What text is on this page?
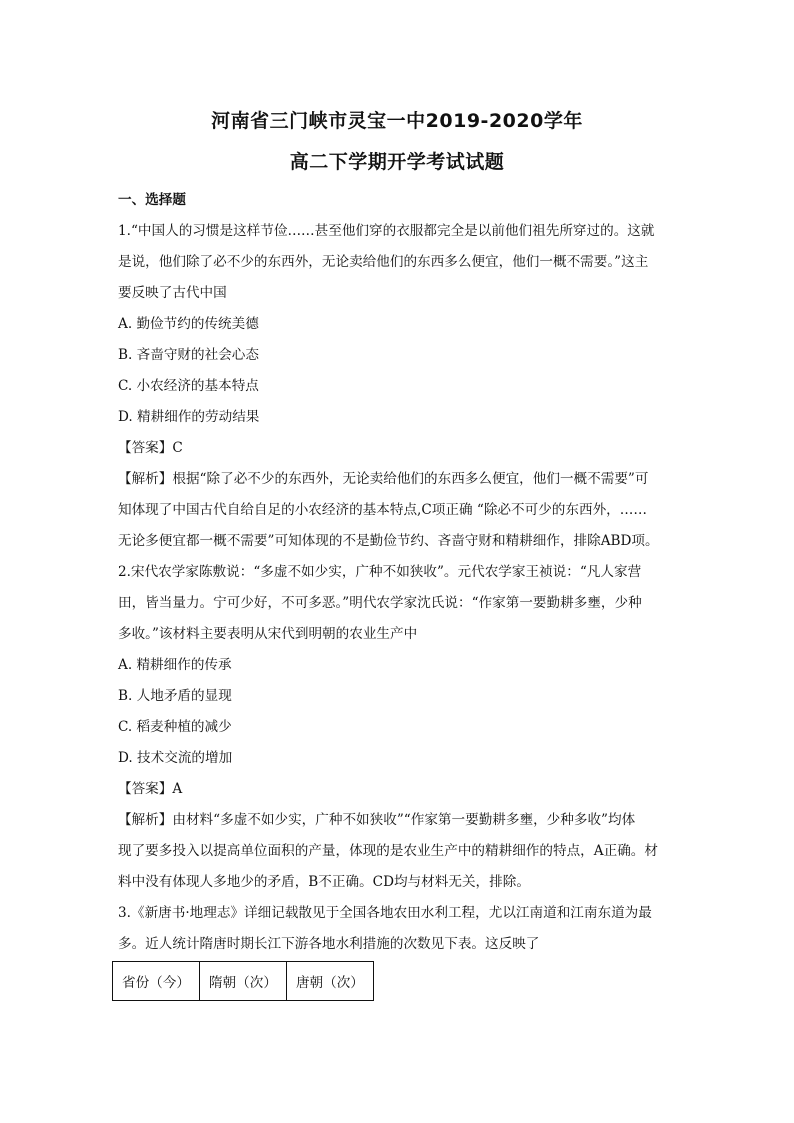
河南省三门峡市灵宝一中2019-2020学年
高二下学期开学考试试题

一、选择题

1.“中国人的习惯是这样节俭……甚至他们穿的衣服都完全是以前他们祖先所穿过的。这就

是说，他们除了必不少的东西外，无论卖给他们的东西多么便宜，他们一概不需要。”这主

要反映了古代中国

A. 勤俭节约的传统美德

B. 吝啬守财的社会心态

C. 小农经济的基本特点

D. 精耕细作的劳动结果

【答案】C

【解析】根据“除了必不少的东西外，无论卖给他们的东西多么便宜，他们一概不需要”可

知体现了中国古代自给自足的小农经济的基本特点,C项正确 “除必不可少的东西外，……

无论多便宜都一概不需要”可知体现的不是勤俭节约、吝啬守财和精耕细作，排除ABD项。

2.宋代农学家陈敷说：“多虚不如少实，广种不如狭收”。元代农学家王祯说：“凡人家营

田，皆当量力。宁可少好，不可多恶。”明代农学家沈氏说：“作家第一要勤耕多壅，少种

多收。”该材料主要表明从宋代到明朝的农业生产中

A. 精耕细作的传承

B. 人地矛盾的显现

C. 稻麦种植的减少

D. 技术交流的增加

【答案】A

【解析】由材料“多虚不如少实，广种不如狭收”“作家第一要勤耕多壅，少种多收”均体

现了要多投入以提高单位面积的产量，体现的是农业生产中的精耕细作的特点，A正确。材

料中没有体现人多地少的矛盾，B不正确。CD均与材料无关，排除。

3.《新唐书·地理志》详细记载散见于全国各地农田水利工程，尤以江南道和江南东道为最

多。近人统计隋唐时期长江下游各地水利措施的次数见下表。这反映了

省份（今）	隋朝（次）	唐朝（次）
